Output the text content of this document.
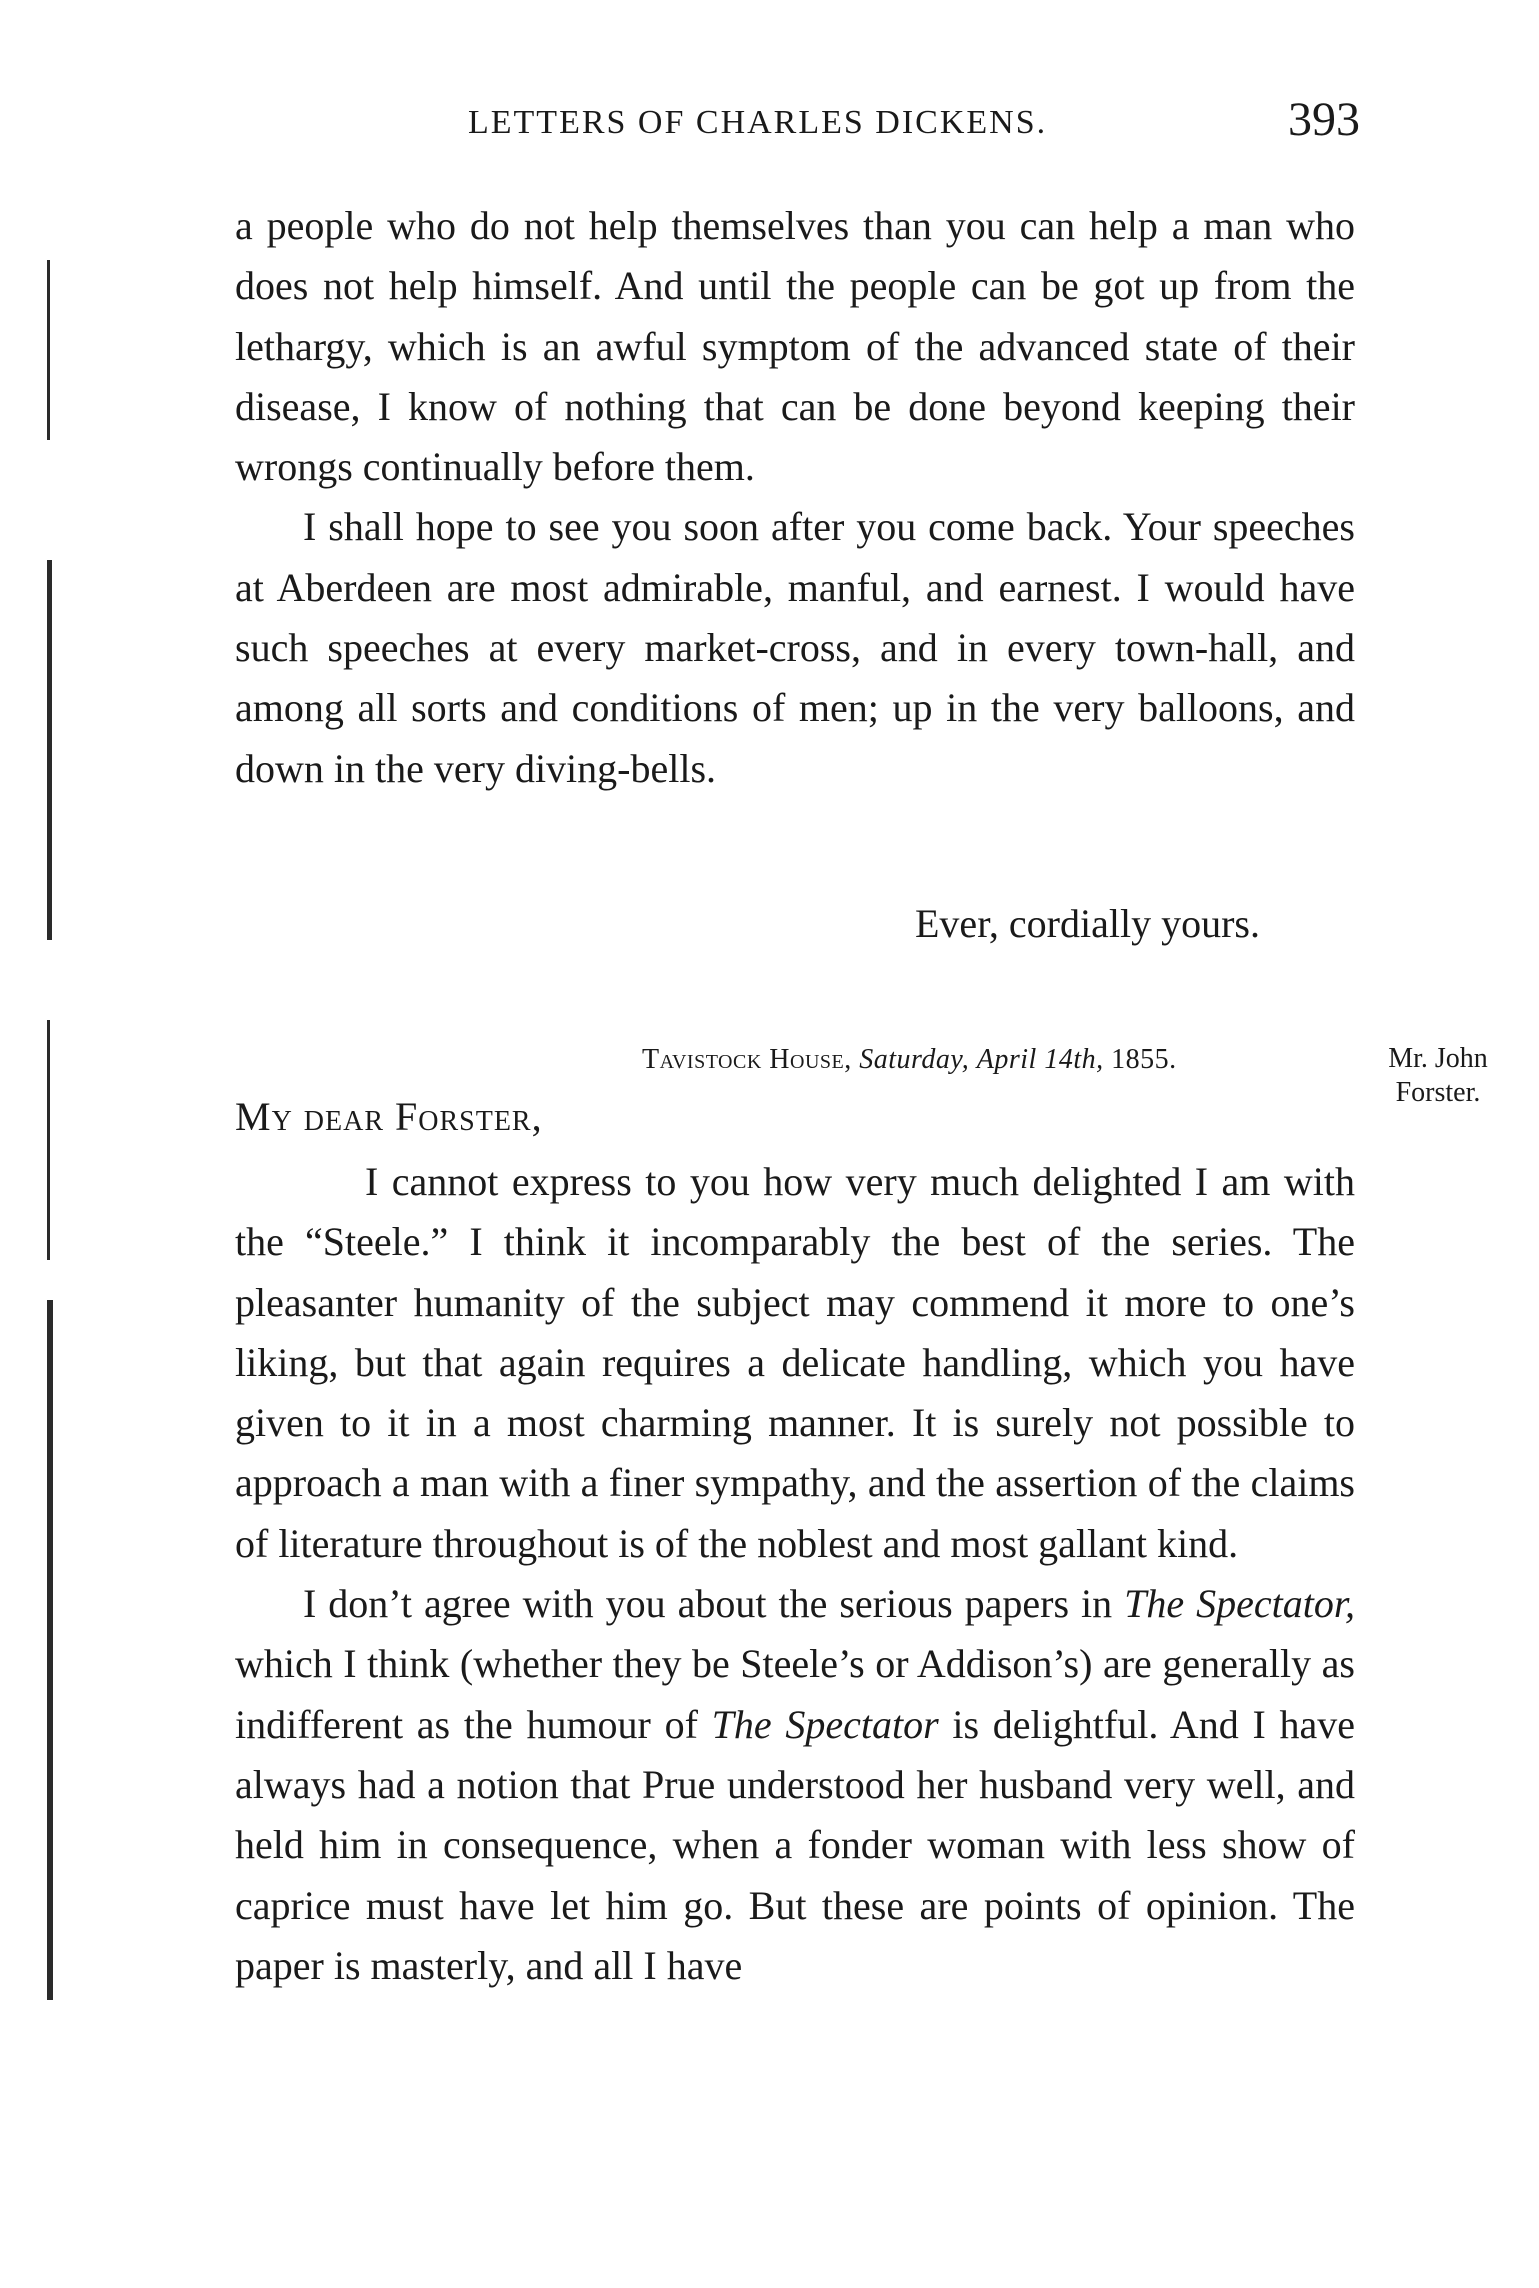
LETTERS OF CHARLES DICKENS.	393

a people who do not help themselves than you can help a man who does not help himself. And until the people can be got up from the lethargy, which is an awful symptom of the advanced state of their disease, I know of nothing that can be done beyond keeping their wrongs continually before them.

I shall hope to see you soon after you come back. Your speeches at Aberdeen are most admirable, manful, and earnest. I would have such speeches at every market-cross, and in every town-hall, and among all sorts and conditions of men; up in the very balloons, and down in the very diving-bells.

Ever, cordially yours.
Tavistock House, Saturday, April 14th, 1855.	Mr. John Forster.
My dear Forster,

I cannot express to you how very much delighted I am with the “Steele.” I think it incomparably the best of the series. The pleasanter humanity of the subject may commend it more to one’s liking, but that again requires a delicate handling, which you have given to it in a most charming manner. It is surely not possible to approach a man with a finer sympathy, and the assertion of the claims of literature throughout is of the noblest and most gallant kind.

I don’t agree with you about the serious papers in The Spectator, which I think (whether they be Steele’s or Addison’s) are generally as indifferent as the humour of The Spectator is delightful. And I have always had a notion that Prue understood her husband very well, and held him in consequence, when a fonder woman with less show of caprice must have let him go. But these are points of opinion. The paper is masterly, and all I have
